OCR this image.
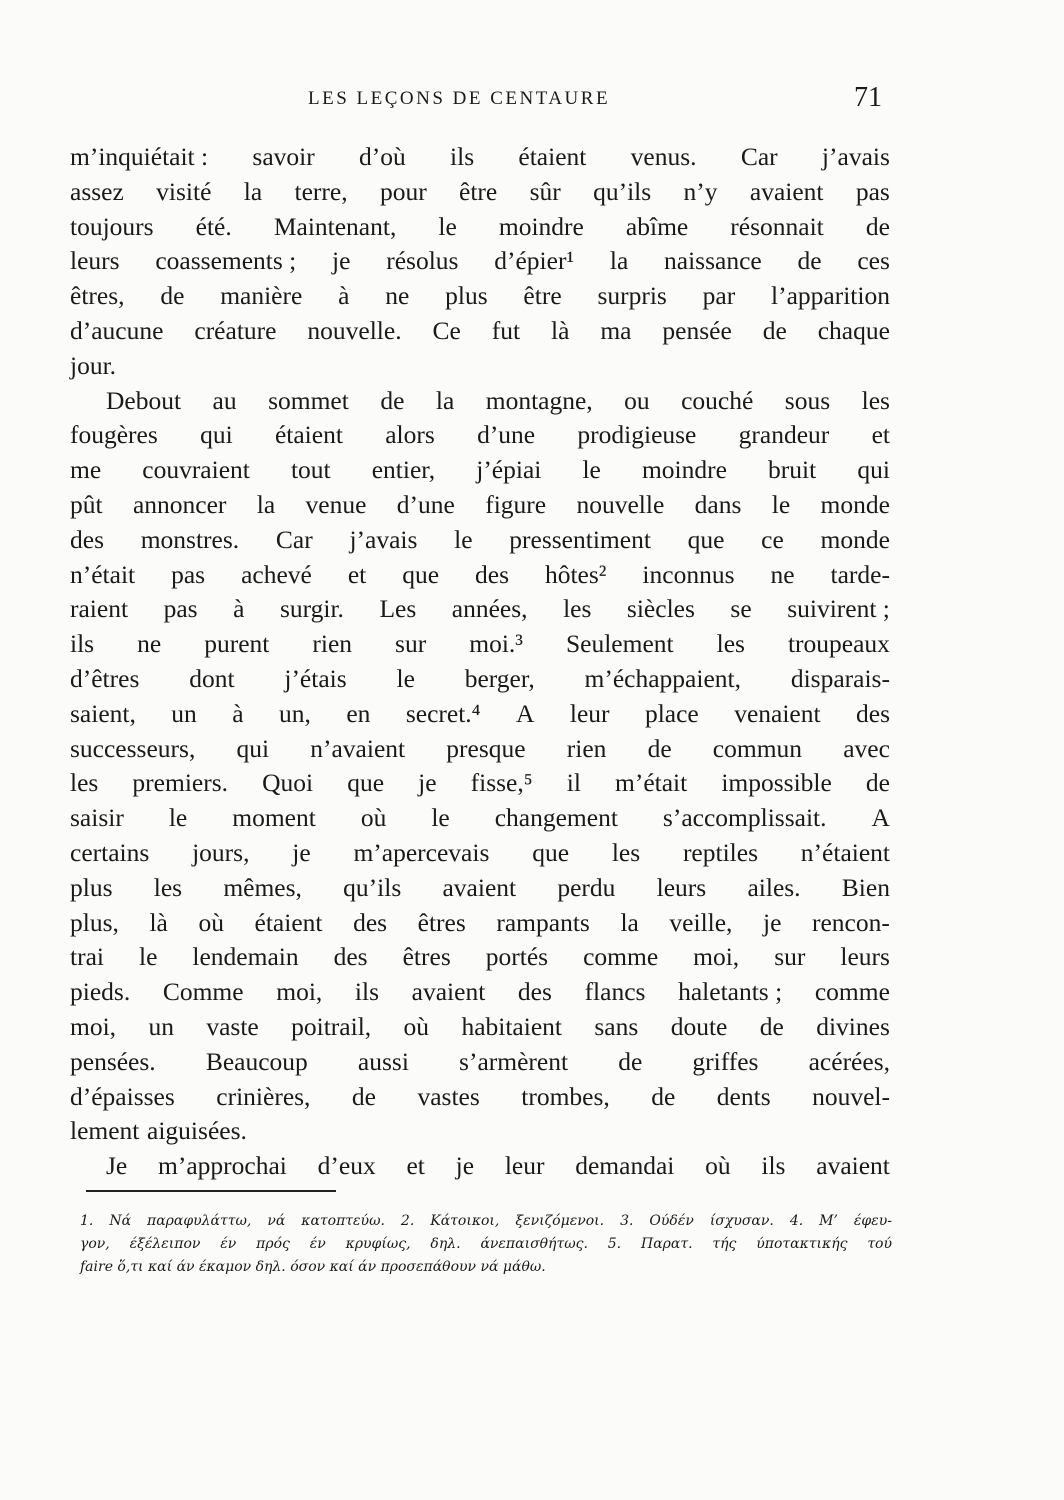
LES LEÇONS DE CENTAURE	71
m’inquiétait : savoir d’où ils étaient venus. Car j’avais
assez visité la terre, pour être sûr qu’ils n’y avaient pas
toujours été. Maintenant, le moindre abîme résonnait de
leurs coassements ; je résolus d’épier¹ la naissance de ces
êtres, de manière à ne plus être surpris par l’apparition
d’aucune créature nouvelle. Ce fut là ma pensée de chaque
jour.
Debout au sommet de la montagne, ou couché sous les
fougères qui étaient alors d’une prodigieuse grandeur et
me couvraient tout entier, j’épiai le moindre bruit qui
pût annoncer la venue d’une figure nouvelle dans le monde
des monstres. Car j’avais le pressentiment que ce monde
n’était pas achevé et que des hôtes² inconnus ne tarde-
raient pas à surgir. Les années, les siècles se suivirent ;
ils ne purent rien sur moi.³ Seulement les troupeaux
d’êtres dont j’étais le berger, m’échappaient, disparais-
saient, un à un, en secret.⁴ A leur place venaient des
successeurs, qui n’avaient presque rien de commun avec
les premiers. Quoi que je fisse,⁵ il m’était impossible de
saisir le moment où le changement s’accomplissait. A
certains jours, je m’apercevais que les reptiles n’étaient
plus les mêmes, qu’ils avaient perdu leurs ailes. Bien
plus, là où étaient des êtres rampants la veille, je rencon-
trai le lendemain des êtres portés comme moi, sur leurs
pieds. Comme moi, ils avaient des flancs haletants ; comme
moi, un vaste poitrail, où habitaient sans doute de divines
pensées. Beaucoup aussi s’armèrent de griffes acérées,
d’épaisses crinières, de vastes trombes, de dents nouvel-
lement aiguisées.
Je m’approchai d’eux et je leur demandai où ils avaient
1. Νά παραφυλάττω, νά κατοπτεύω. 2. Κάτοικοι, ξενιζόμενοι. 3. Ούδέν ίσχυσαν. 4. Μ’ έφευ-
γον, έξέλειπον έν πρός έν κρυφίως, δηλ. άνεπαισθήτως. 5. Παρατ. τής ύποτακτικής τού
faire ὅ,τι καί άν έκαμον δηλ. όσον καί άν προσεπάθουν νά μάθω.
